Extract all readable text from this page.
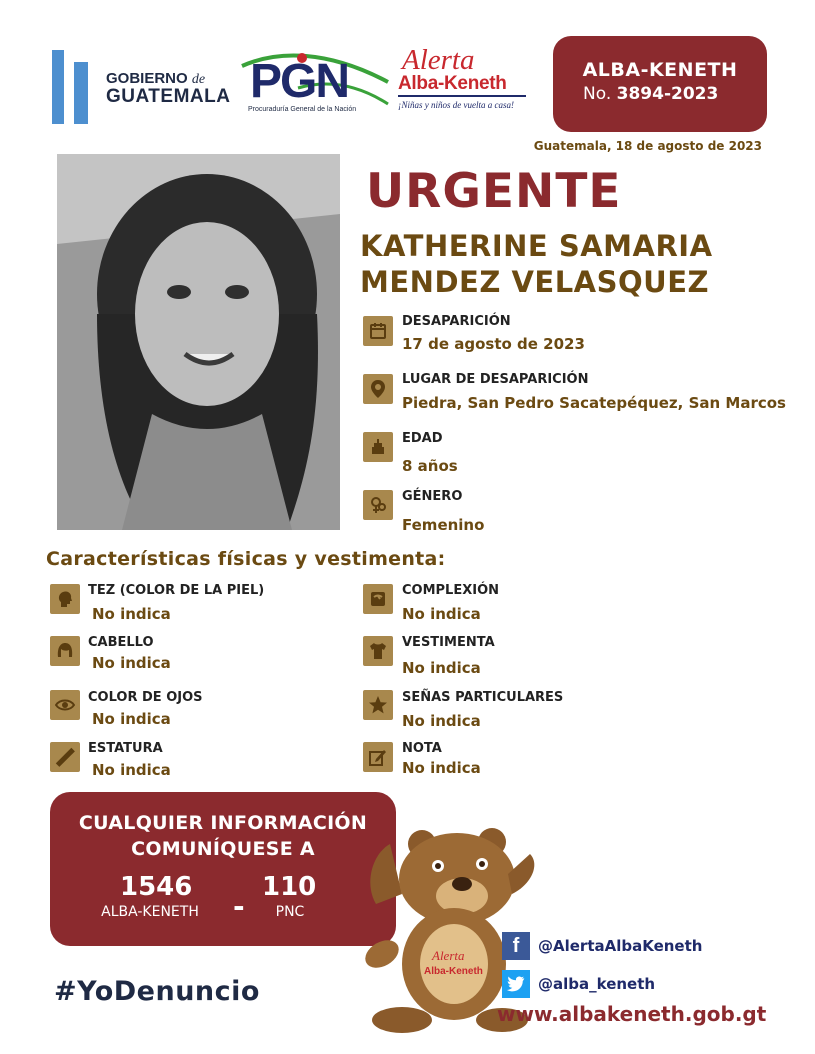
GOBIERNO de
GUATEMALA PGN
Procuraduría General de la Nación
Alerta
Alba-Keneth
¡Niñas y niños de vuelta a casa!
ALBA-KENETH
No. 3894-2023
Guatemala, 18 de agosto de 2023
URGENTE
KATHERINE SAMARIA
MENDEZ VELASQUEZ
DESAPARICIÓN
17 de agosto de 2023
LUGAR DE DESAPARICIÓN
Piedra, San Pedro Sacatepéquez, San Marcos
EDAD
8 años
GÉNERO
Femenino
Características físicas y vestimenta:
TEZ (COLOR DE LA PIEL)
No indica
CABELLO
No indica
COLOR DE OJOS
No indica
ESTATURA
No indica
COMPLEXIÓN
No indica
VESTIMENTA
No indica
SEÑAS PARTICULARES
No indica
NOTA
No indica
CUALQUIER INFORMACIÓN
COMUNÍQUESE A
1546
ALBA-KENETH	-
110
PNC
#YoDenuncio
Alerta
Alba-Keneth
f	@AlertaAlbaKeneth
@alba_keneth
www.albakeneth.gob.gt
